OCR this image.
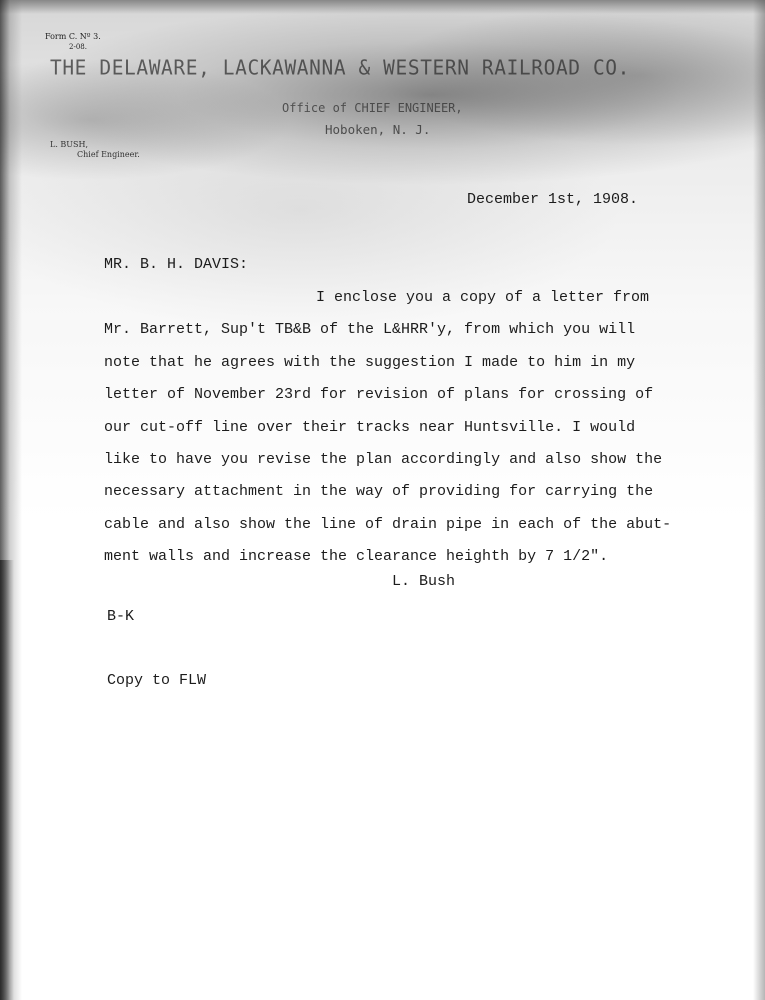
Form C. Nº 3.
2-08.
THE DELAWARE, LACKAWANNA & WESTERN RAILROAD CO.
Office of CHIEF ENGINEER,
Hoboken, N. J.
L. BUSH,
Chief Engineer.
December 1st, 1908.
MR. B. H. DAVIS:
I enclose you a copy of a letter from
Mr. Barrett, Sup't TB&B of the L&HRR'y, from which you will
note that he agrees with the suggestion I made to him in my
letter of November 23rd for revision of plans for crossing of
our cut-off line over their tracks near Huntsville. I would
like to have you revise the plan accordingly and also show the
necessary attachment in the way of providing for carrying the
cable and also show the line of drain pipe in each of the abut-
ment walls and increase the clearance heighth by 7 1/2".
L. Bush
B-K
Copy to FLW
